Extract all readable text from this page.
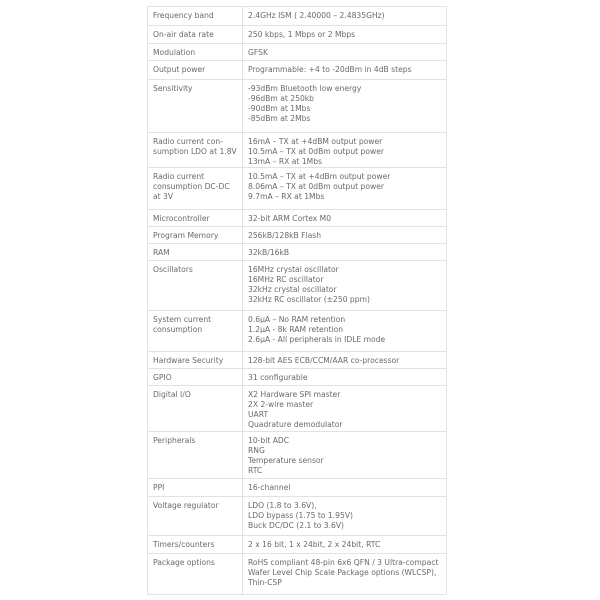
Frequency band	2.4GHz ISM ( 2.40000 – 2.4835GHz)

On-air data rate	250 kbps, 1 Mbps or 2 Mbps

Modulation	GFSK

Output power	Programmable: +4 to -20dBm in 4dB steps

Sensitivity	-93dBm Bluetooth low energy
-96dBm at 250kb
-90dBm at 1Mbs
-85dBm at 2Mbs

Radio current con-sumption LDO at 1.8V	16mA – TX at +4dBM output power
10.5mA – TX at 0dBm output power
13mA – RX at 1Mbs

Radio current consumption DC-DC at 3V	10.5mA – TX at +4dBm output power
8.06mA – TX at 0dBm output power
9.7mA – RX at 1Mbs

Microcontroller	32-bit ARM Cortex M0

Program Memory	256kB/128kB Flash

RAM	32kB/16kB

Oscillators	16MHz crystal oscillator
16MHz RC oscillator
32kHz crystal oscillator
32kHz RC oscillator (±250 ppm)

System current consumption	0.6µA – No RAM retention
1.2µA - 8k RAM retention
2.6µA - All peripherals in IDLE mode

Hardware Security	128-bit AES ECB/CCM/AAR co-processor

GPIO	31 configurable

Digital I/O	X2 Hardware SPI master
2X 2-wire master
UART
Quadrature demodulator

Peripherals	10-bit ADC
RNG
Temperature sensor
RTC

PPI	16-channel

Voltage regulator	LDO (1.8 to 3.6V),
LDO bypass (1.75 to 1.95V)
Buck DC/DC (2.1 to 3.6V)

Timers/counters	2 x 16 bit, 1 x 24bit, 2 x 24bit, RTC

Package options	RoHS compliant 48-pin 6x6 QFN / 3 Ultra-compact
Wafer Level Chip Scale Package options (WLCSP),
Thin-CSP
